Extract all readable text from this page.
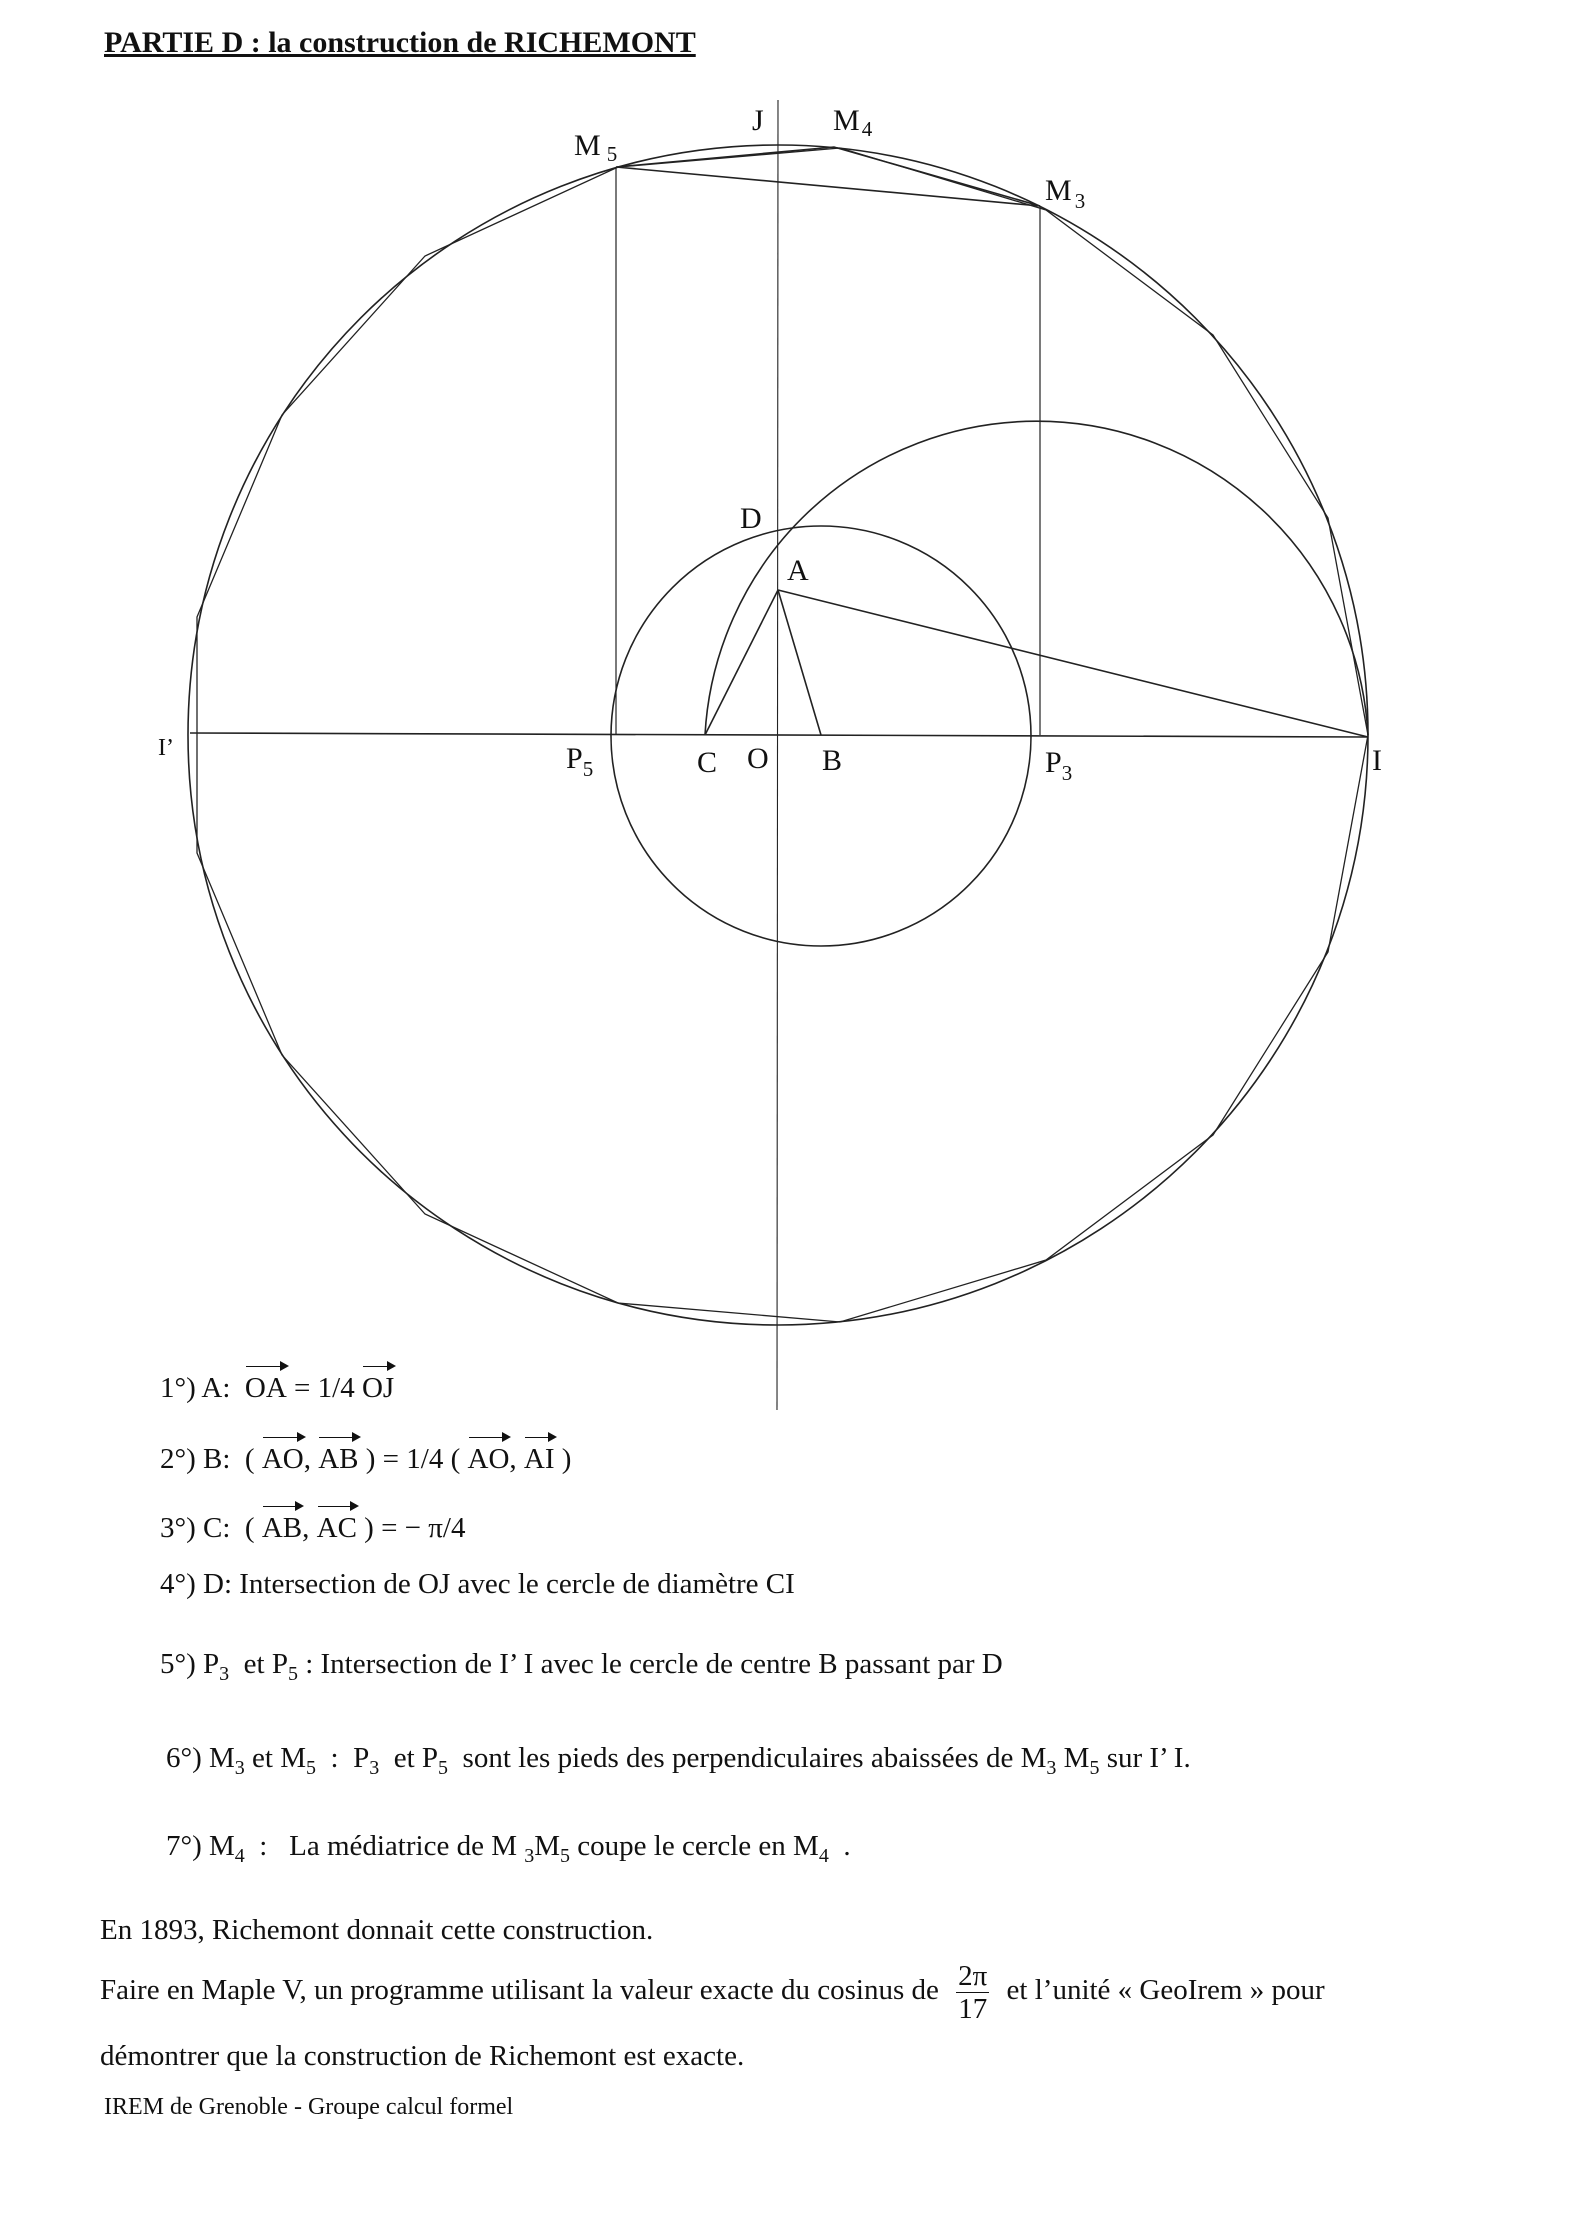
PARTIE D : la construction de RICHEMONT
M $_5$
J $M_4$
M $_3$
D
A
I’	$P_5$	C O B	$P_3$	I
1°) A: OA = 1/4 OJ
2°) B: ( AO, AB ) = 1/4 ( AO, AI )
3°) C: ( AB, AC ) = − π/4
4°) D: Intersection de OJ avec le cercle de diamètre CI
5°) $P_3$ et $P_5$ : Intersection de I’ I avec le cercle de centre B passant par D
6°) $M_3$ et $M_5$ : $P_3$ et $P_5$ sont les pieds des perpendiculaires abaissées de $M_3$ $M_5$ sur I’ I.
7°) $M_4$ : La médiatrice de M $_3M_5$ coupe le cercle en $M_4$ .
En 1893, Richemont donnait cette construction.
Faire en Maple V, un programme utilisant la valeur exacte du cosinus de $\frac{2\pi}{17}$ et l’unité « GeoIrem » pour
démontrer que la construction de Richemont est exacte.
IREM de Grenoble - Groupe calcul formel
